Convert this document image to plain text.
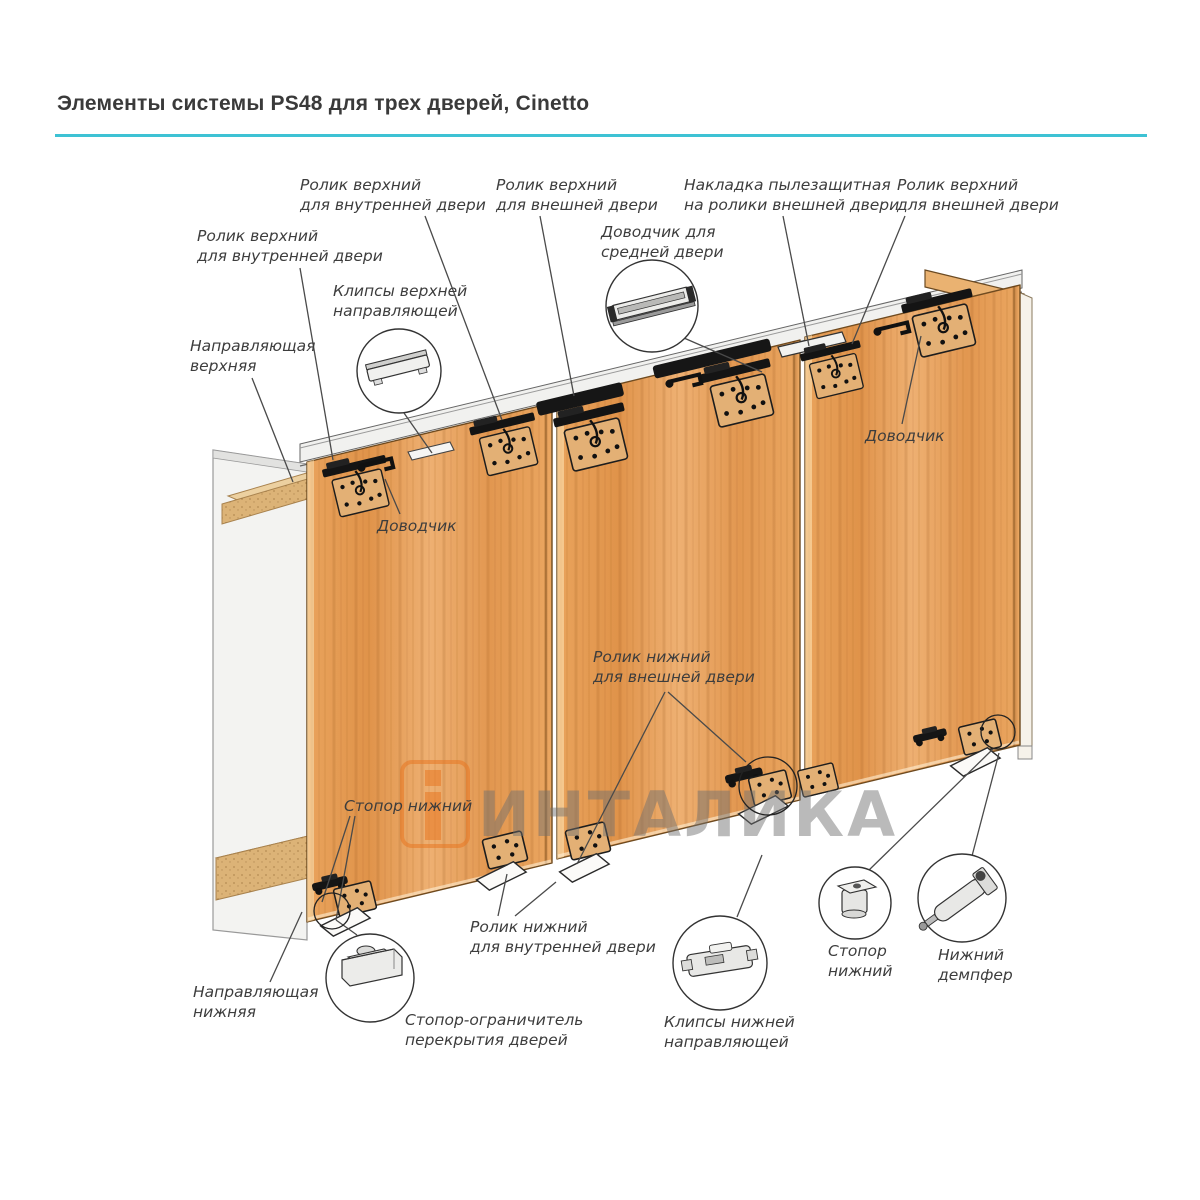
Элементы системы PS48 для трех дверей, Cinetto
ИНТАЛИКА
Ролик верхний
для внутренней двери
Ролик верхний
для внутренней двери
Ролик верхний
для внешней двери
Накладка пылезащитная
на ролики внешней двери
Ролик верхний
для внешней двери
Доводчик для
средней двери
Клипсы верхней
направляющей
Направляющая
верхняя
Доводчик
Доводчик
Ролик нижний
для внешней двери
Стопор нижний
Направляющая
нижняя
Ролик нижний
для внутренней двери
Стопор-ограничитель
перекрытия дверей
Клипсы нижней
направляющей
Стопор
нижний
Нижний
демпфер
